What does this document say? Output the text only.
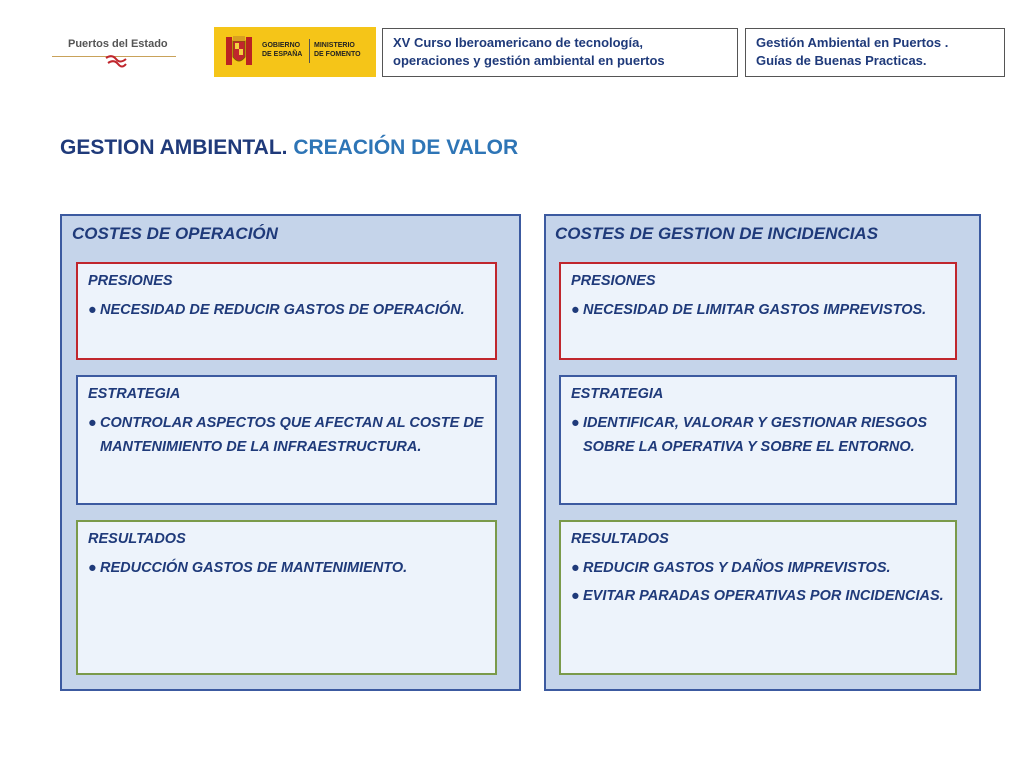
Puertos del Estado	GOBIERNO
DE ESPAÑA
MINISTERIO
DE FOMENTO
XV Curso Iberoamericano de tecnología,
operaciones y gestión ambiental en puertos
Gestión Ambiental en Puertos .
Guías de Buenas Practicas.
GESTION AMBIENTAL. CREACIÓN DE VALOR
COSTES DE OPERACIÓN
PRESIONES
● NECESIDAD DE REDUCIR GASTOS DE OPERACIÓN.
ESTRATEGIA
● CONTROLAR ASPECTOS QUE AFECTAN AL COSTE DE MANTENIMIENTO DE LA INFRAESTRUCTURA.
RESULTADOS
● REDUCCIÓN GASTOS DE MANTENIMIENTO.
COSTES DE GESTION DE INCIDENCIAS
PRESIONES
● NECESIDAD DE LIMITAR GASTOS IMPREVISTOS.
ESTRATEGIA
● IDENTIFICAR, VALORAR Y GESTIONAR RIESGOS SOBRE LA OPERATIVA Y SOBRE EL ENTORNO.
RESULTADOS
● REDUCIR GASTOS Y DAÑOS IMPREVISTOS.
● EVITAR PARADAS OPERATIVAS POR INCIDENCIAS.
